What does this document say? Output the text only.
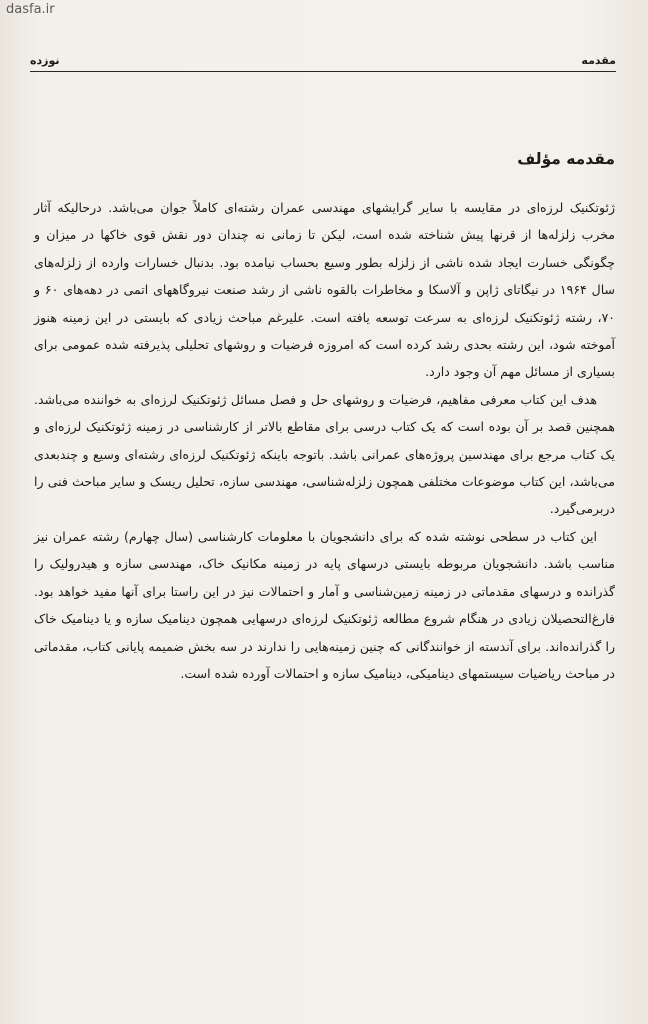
dasfa.ir
مقدمه
نوزده
مقدمه مؤلف

ژئوتکنیک لرزه‌ای در مقایسه با سایر گرایشهای مهندسی عمران رشته‌ای کاملاً جوان می‌باشد. درحالیکه آثار مخرب زلزله‌ها از قرنها پیش شناخته شده است، لیکن تا زمانی نه چندان دور نقش قوی خاکها در میزان و چگونگی خسارت ایجاد شده ناشی از زلزله بطور وسیع بحساب نیامده بود. بدنبال خسارات وارده از زلزله‌های سال ۱۹۶۴ در نیگاتای ژاپن و آلاسکا و مخاطرات بالقوه ناشی از رشد صنعت نیروگاههای اتمی در دهه‌های ۶۰ و ۷۰، رشته ژئوتکنیک لرزه‌ای به سرعت توسعه یافته است. علیرغم مباحث زیادی که بایستی در این زمینه هنوز آموخته شود، این رشته بحدی رشد کرده است که امروزه فرضیات و روشهای تحلیلی پذیرفته شده عمومی برای بسیاری از مسائل مهم آن وجود دارد.

هدف این کتاب معرفی مفاهیم، فرضیات و روشهای حل و فصل مسائل ژئوتکنیک لرزه‌ای به خواننده می‌باشد. همچنین قصد بر آن بوده است که یک کتاب درسی برای مقاطع بالاتر از کارشناسی در زمینه ژئوتکنیک لرزه‌ای و یک کتاب مرجع برای مهندسین پروژه‌های عمرانی باشد. باتوجه باینکه ژئوتکنیک لرزه‌ای رشته‌ای وسیع و چندبعدی می‌باشد، این کتاب موضوعات مختلفی همچون زلزله‌شناسی، مهندسی سازه، تحلیل ریسک و سایر مباحث فنی را دربرمی‌گیرد.

این کتاب در سطحی نوشته شده که برای دانشجویان با معلومات کارشناسی (سال چهارم) رشته عمران نیز مناسب باشد. دانشجویان مربوطه بایستی درسهای پایه در زمینه مکانیک خاک، مهندسی سازه و هیدرولیک را گذرانده و درسهای مقدماتی در زمینه زمین‌شناسی و آمار و احتمالات نیز در این راستا برای آنها مفید خواهد بود. فارغ‌التحصیلان زیادی در هنگام شروع مطالعه ژئوتکنیک لرزه‌ای درسهایی همچون دینامیک سازه و یا دینامیک خاک را گذرانده‌اند. برای آندسته از خوانندگانی که چنین زمینه‌هایی را ندارند در سه بخش ضمیمه پایانی کتاب، مقدماتی در مباحث ریاضیات سیستمهای دینامیکی، دینامیک سازه و احتمالات آورده شده است.
